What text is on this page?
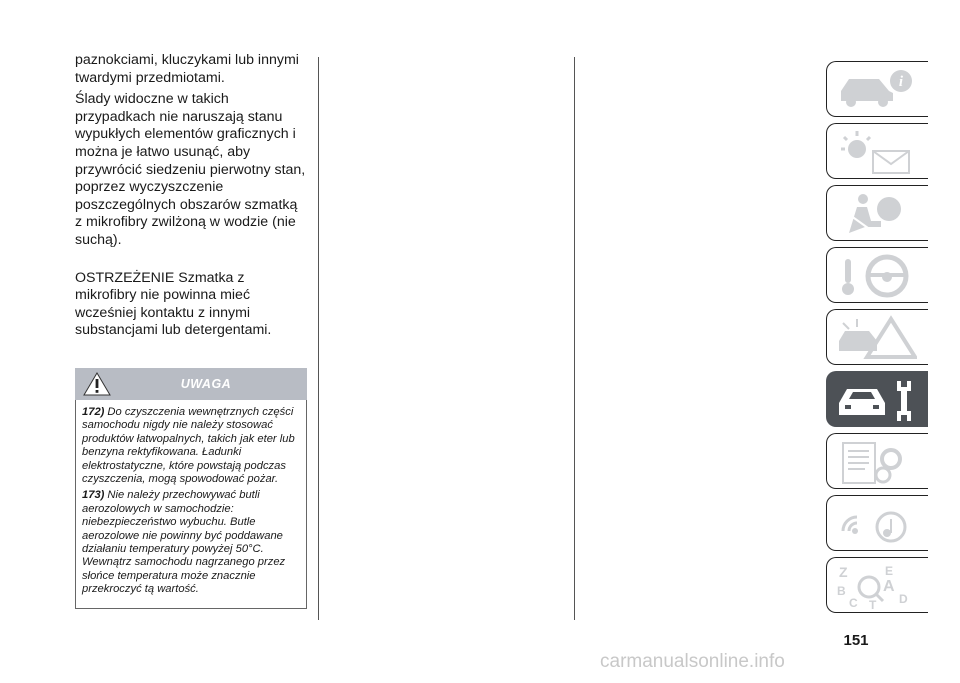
paznokciami, kluczykami lub innymi twardymi przedmiotami.

Ślady widoczne w takich przypadkach nie naruszają stanu wypukłych elementów graficznych i można je łatwo usunąć, aby przywrócić siedzeniu pierwotny stan, poprzez wyczyszczenie poszczególnych obszarów szmatką z mikrofibry zwilżoną w wodzie (nie suchą).

OSTRZEŻENIE Szmatka z mikrofibry nie powinna mieć wcześniej kontaktu z innymi substancjami lub detergentami.

UWAGA

172) Do czyszczenia wewnętrznych części samochodu nigdy nie należy stosować produktów łatwopalnych, takich jak eter lub benzyna rektyfikowana. Ładunki elektrostatyczne, które powstają podczas czyszczenia, mogą spowodować pożar.

173) Nie należy przechowywać butli aerozolowych w samochodzie: niebezpieczeństwo wybuchu. Butle aerozolowe nie powinny być poddawane działaniu temperatury powyżej 50°C. Wewnątrz samochodu nagrzanego przez słońce temperatura może znacznie przekroczyć tą wartość.

i
Z	E
A
B
C T D
151
carmanualsonline.info
